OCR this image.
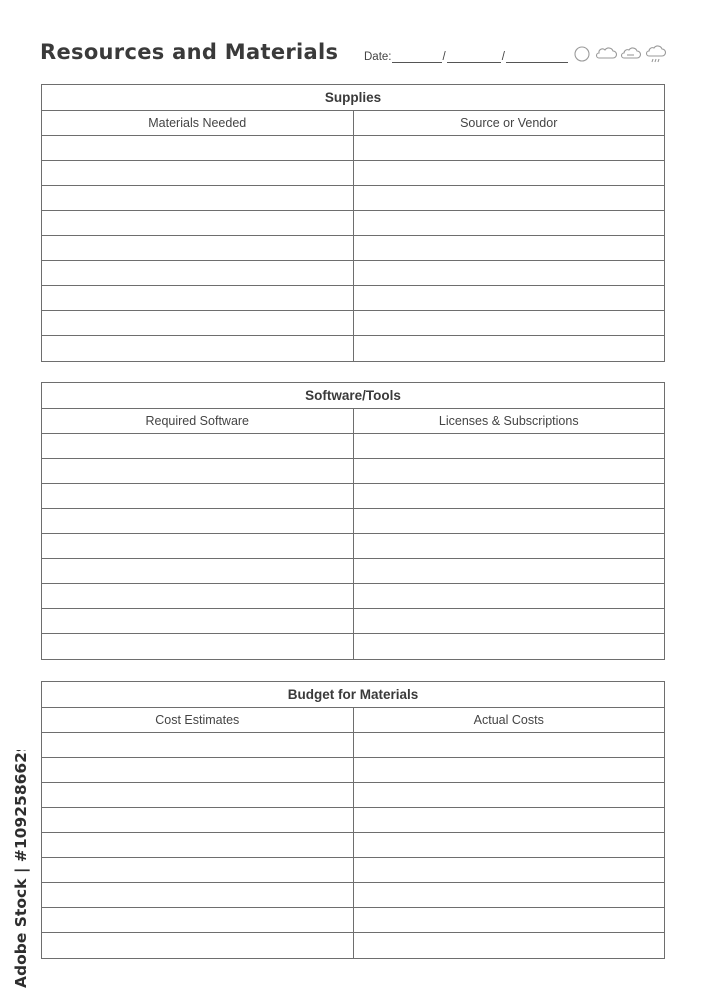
Resources and Materials Date:	/	/
Supplies
Materials Needed	Source or Vendor
Software/Tools
Required Software	Licenses & Subscriptions
Budget for Materials
Cost Estimates	Actual Costs
Adobe Stock | #1092586629
